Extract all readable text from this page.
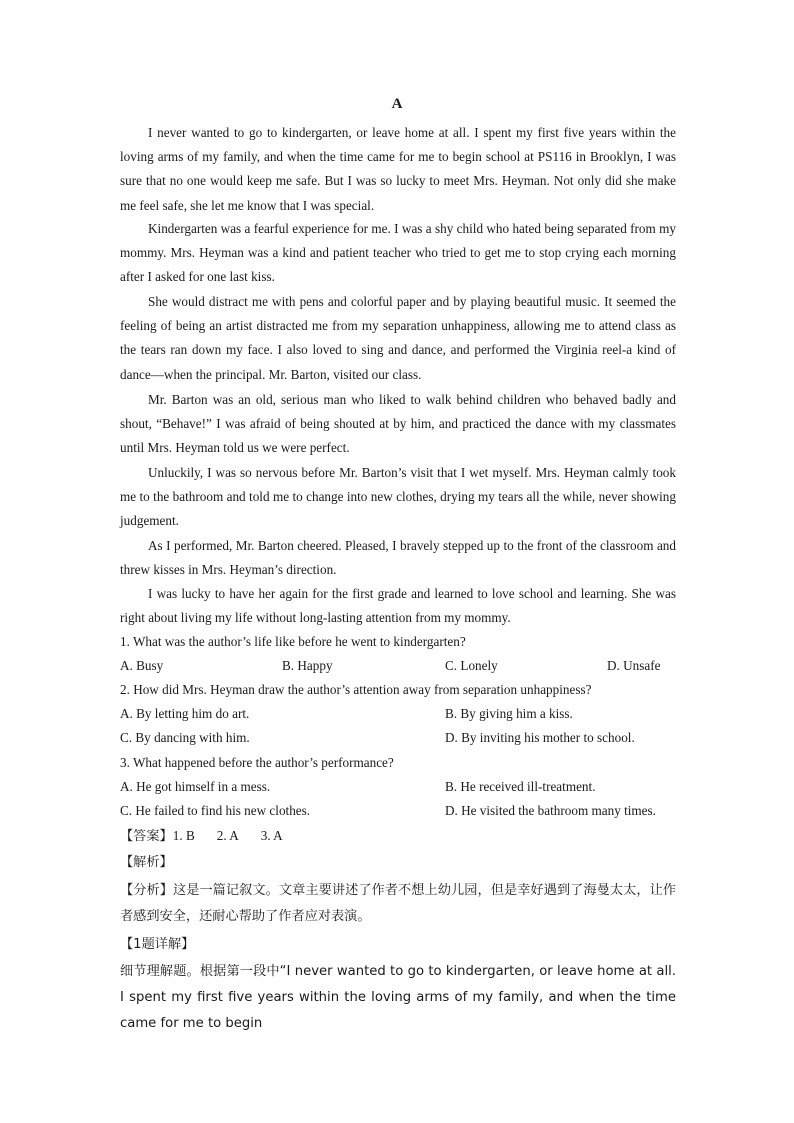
A

I never wanted to go to kindergarten, or leave home at all. I spent my first five years within the loving arms of my family, and when the time came for me to begin school at PS116 in Brooklyn, I was sure that no one would keep me safe. But I was so lucky to meet Mrs. Heyman. Not only did she make me feel safe, she let me know that I was special.

Kindergarten was a fearful experience for me. I was a shy child who hated being separated from my mommy. Mrs. Heyman was a kind and patient teacher who tried to get me to stop crying each morning after I asked for one last kiss.

She would distract me with pens and colorful paper and by playing beautiful music. It seemed the feeling of being an artist distracted me from my separation unhappiness, allowing me to attend class as the tears ran down my face. I also loved to sing and dance, and performed the Virginia reel-a kind of dance—when the principal. Mr. Barton, visited our class.

Mr. Barton was an old, serious man who liked to walk behind children who behaved badly and shout, “Behave!” I was afraid of being shouted at by him, and practiced the dance with my classmates until Mrs. Heyman told us we were perfect.

Unluckily, I was so nervous before Mr. Barton’s visit that I wet myself. Mrs. Heyman calmly took me to the bathroom and told me to change into new clothes, drying my tears all the while, never showing judgement.

As I performed, Mr. Barton cheered. Pleased, I bravely stepped up to the front of the classroom and threw kisses in Mrs. Heyman’s direction.

I was lucky to have her again for the first grade and learned to love school and learning. She was right about living my life without long-lasting attention from my mommy.

1. What was the author’s life like before he went to kindergarten?

A. Busy	B. Happy	C. Lonely	D. Unsafe

2. How did Mrs. Heyman draw the author’s attention away from separation unhappiness?

A. By letting him do art.	B. By giving him a kiss.
C. By dancing with him.	D. By inviting his mother to school.

3. What happened before the author’s performance?

A. He got himself in a mess.	B. He received ill-treatment.
C. He failed to find his new clothes.	D. He visited the bathroom many times.
【答案】1. B 2. A 3. A

【解析】

【分析】这是一篇记叙文。文章主要讲述了作者不想上幼儿园，但是幸好遇到了海曼太太，让作者感到安全，还耐心帮助了作者应对表演。

【1题详解】

细节理解题。根据第一段中“I never wanted to go to kindergarten, or leave home at all. I spent my first five years within the loving arms of my family, and when the time came for me to begin
